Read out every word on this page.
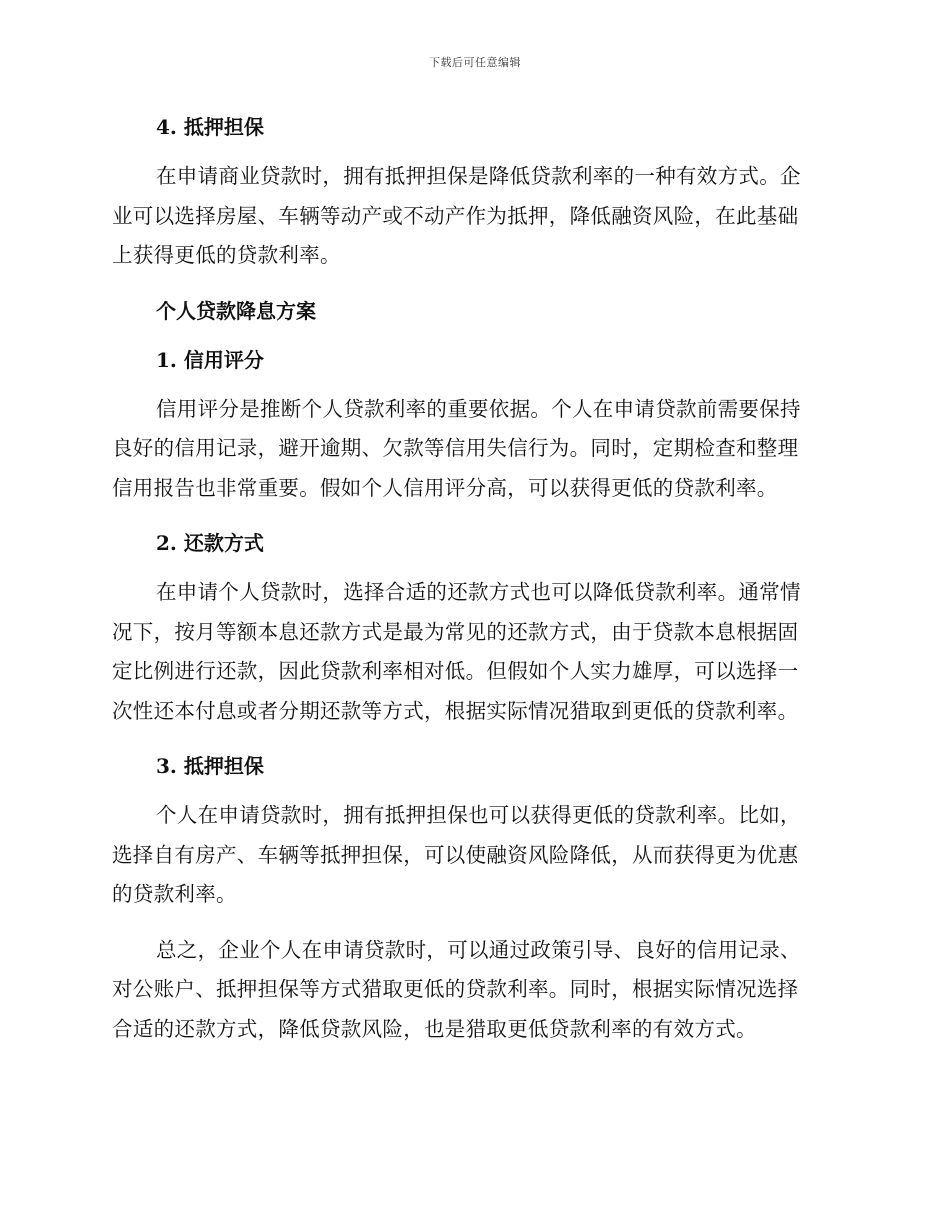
下载后可任意编辑
4. 抵押担保
在申请商业贷款时，拥有抵押担保是降低贷款利率的一种有效方式。企
业可以选择房屋、车辆等动产或不动产作为抵押，降低融资风险，在此基础
上获得更低的贷款利率。
个人贷款降息方案
1. 信用评分
信用评分是推断个人贷款利率的重要依据。个人在申请贷款前需要保持
良好的信用记录，避开逾期、欠款等信用失信行为。同时，定期检查和整理
信用报告也非常重要。假如个人信用评分高，可以获得更低的贷款利率。
2. 还款方式
在申请个人贷款时，选择合适的还款方式也可以降低贷款利率。通常情
况下，按月等额本息还款方式是最为常见的还款方式，由于贷款本息根据固
定比例进行还款，因此贷款利率相对低。但假如个人实力雄厚，可以选择一
次性还本付息或者分期还款等方式，根据实际情况猎取到更低的贷款利率。
3. 抵押担保
个人在申请贷款时，拥有抵押担保也可以获得更低的贷款利率。比如，
选择自有房产、车辆等抵押担保，可以使融资风险降低，从而获得更为优惠
的贷款利率。
总之，企业个人在申请贷款时，可以通过政策引导、良好的信用记录、
对公账户、抵押担保等方式猎取更低的贷款利率。同时，根据实际情况选择
合适的还款方式，降低贷款风险，也是猎取更低贷款利率的有效方式。
